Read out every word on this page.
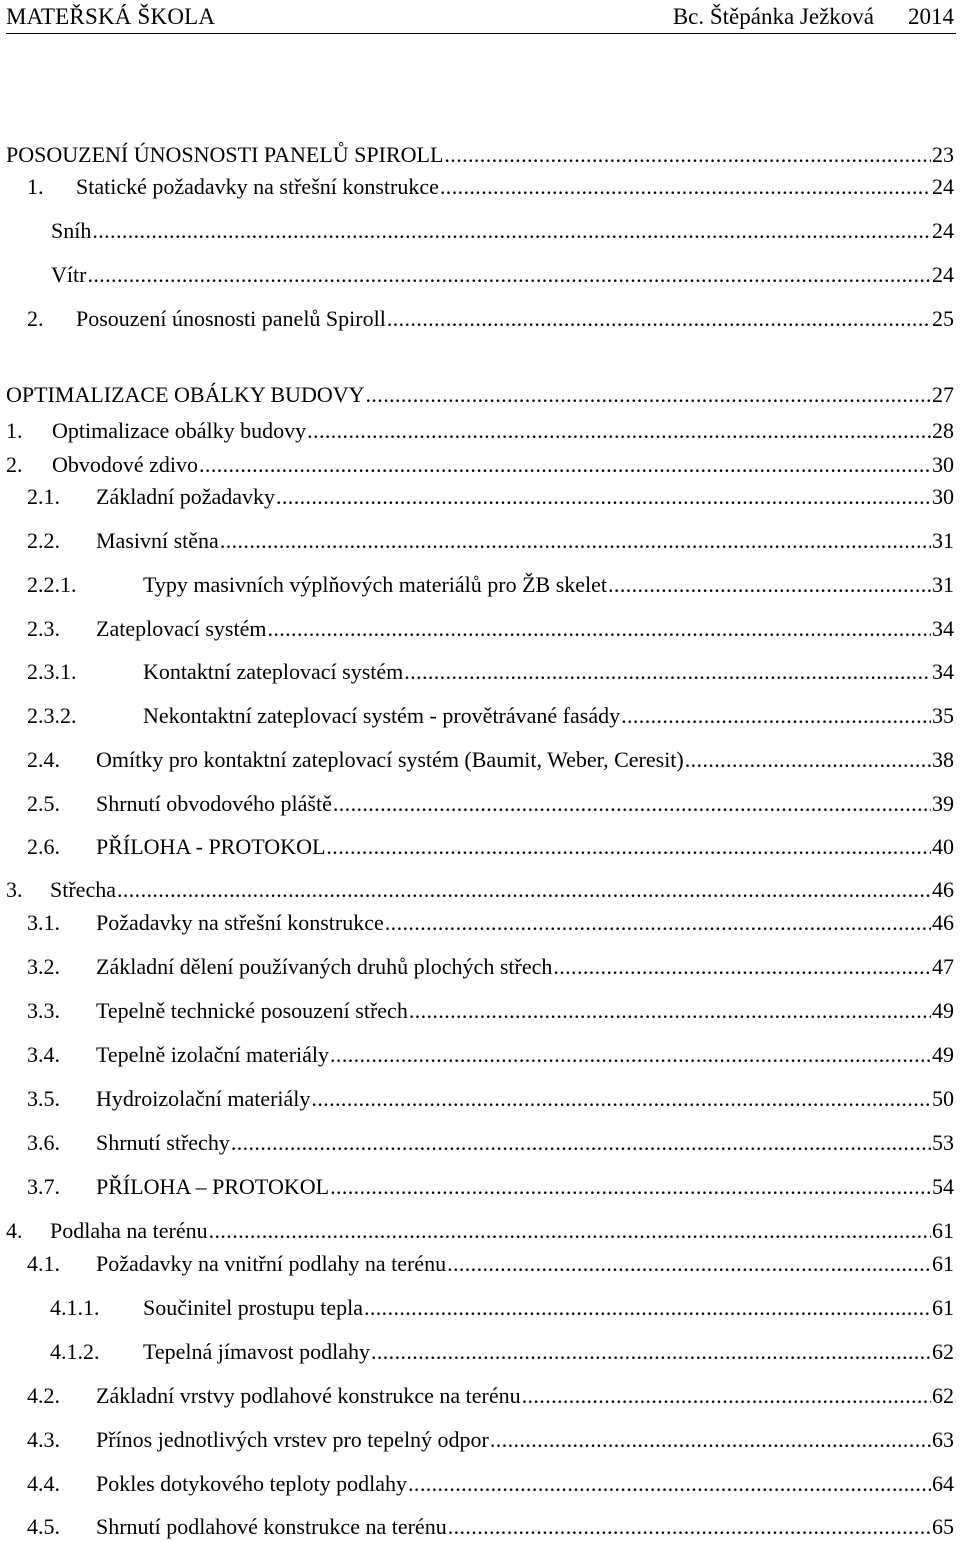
MATEŘSKÁ ŠKOLA	Bc. Štěpánka Ježková 2014
POSOUZENÍ ÚNOSNOSTI PANELŮ SPIROLL .....	23
1.	Statické požadavky na střešní konstrukce .....	24
Sníh .....	24
Vítr .....	24
2.	Posouzení únosnosti panelů Spiroll .....	25
OPTIMALIZACE OBÁLKY BUDOVY .....	27
1.	Optimalizace obálky budovy .....	28
2.	Obvodové zdivo .....	30
2.1.	Základní požadavky .....	30
2.2.	Masivní stěna .....	31
2.2.1.	Typy masivních výplňových materiálů pro ŽB skelet .....	31
2.3.	Zateplovací systém .....	34
2.3.1.	Kontaktní zateplovací systém .....	34
2.3.2.	Nekontaktní zateplovací systém - provětrávané fasády .....	35
2.4.	Omítky pro kontaktní zateplovací systém (Baumit, Weber, Ceresit) .....	38
2.5.	Shrnutí obvodového pláště .....	39
2.6.	PŘÍLOHA - PROTOKOL .....	40
3.	Střecha .....	46
3.1.	Požadavky na střešní konstrukce .....	46
3.2.	Základní dělení používaných druhů plochých střech .....	47
3.3.	Tepelně technické posouzení střech .....	49
3.4.	Tepelně izolační materiály .....	49
3.5.	Hydroizolační materiály .....	50
3.6.	Shrnutí střechy .....	53
3.7.	PŘÍLOHA – PROTOKOL .....	54
4.	Podlaha na terénu .....	61
4.1.	Požadavky na vnitřní podlahy na terénu .....	61
4.1.1.	Součinitel prostupu tepla .....	61
4.1.2.	Tepelná jímavost podlahy .....	62
4.2.	Základní vrstvy podlahové konstrukce na terénu .....	62
4.3.	Přínos jednotlivých vrstev pro tepelný odpor .....	63
4.4.	Pokles dotykového teploty podlahy .....	64
4.5.	Shrnutí podlahové konstrukce na terénu .....	65
